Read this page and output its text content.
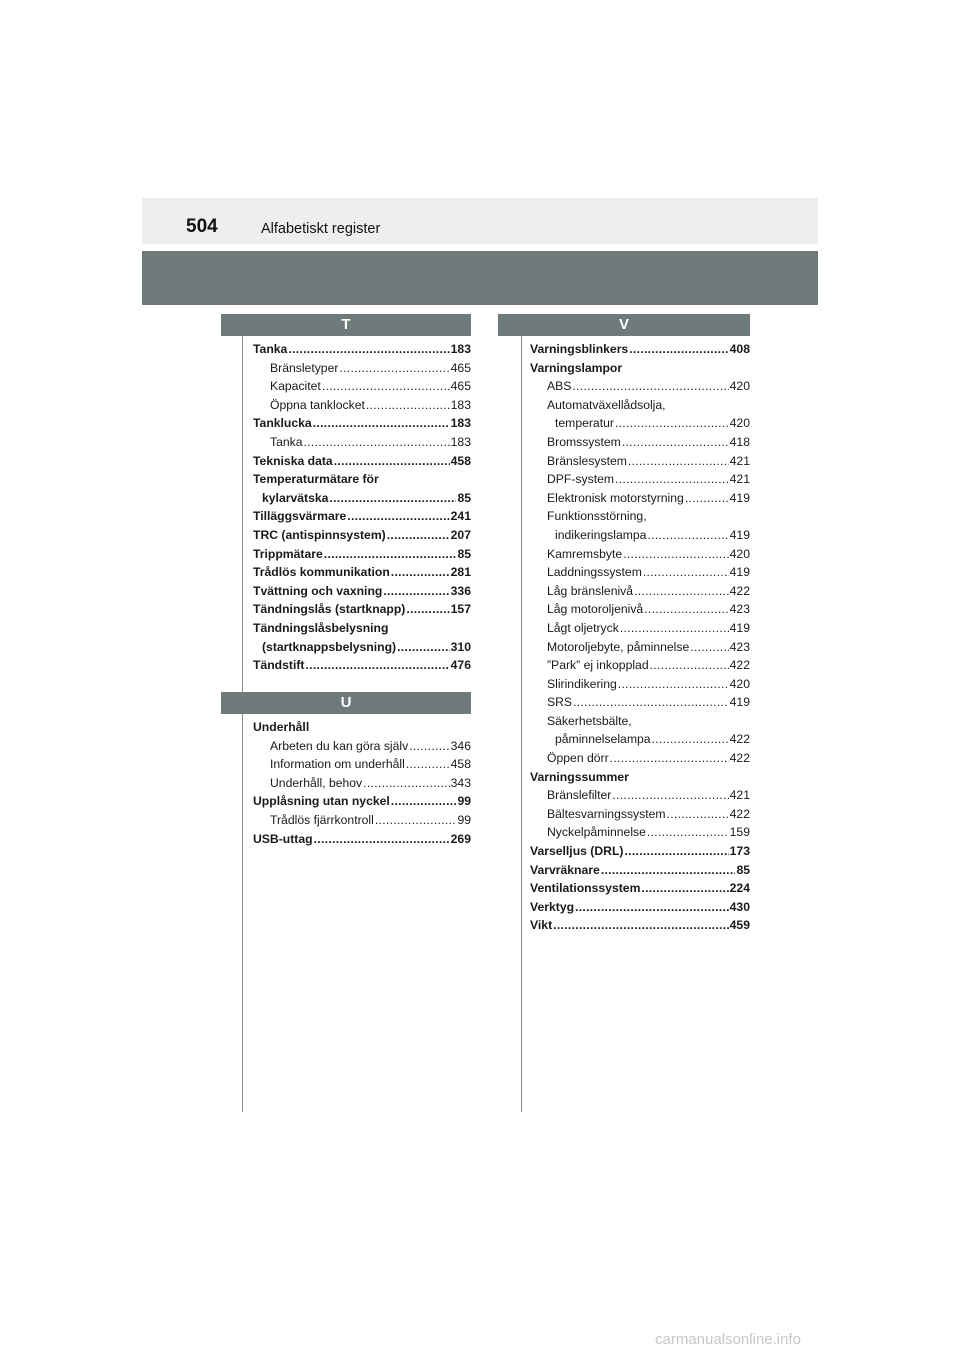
504	Alfabetiskt register
T
Tanka .....	183
Bränsletyper .....	465
Kapacitet .....	465
Öppna tanklocket .....	183
Tanklucka .....	183
Tanka .....	183
Tekniska data .....	458
Temperaturmätare för
kylarvätska .....	85
Tilläggsvärmare .....	241
TRC (antispinnsystem) .....	207
Trippmätare .....	85
Trådlös kommunikation .....	281
Tvättning och vaxning .....	336
Tändningslås (startknapp) .....	157
Tändningslåsbelysning
(startknappsbelysning) .....	310
Tändstift .....	476
U
Underhåll
Arbeten du kan göra själv .....	346
Information om underhåll .....	458
Underhåll, behov .....	343
Upplåsning utan nyckel .....	99
Trådlös fjärrkontroll .....	99
USB-uttag .....	269
V
Varningsblinkers .....	408
Varningslampor
ABS .....	420
Automatväxellådsolja,
temperatur .....	420
Bromssystem .....	418
Bränslesystem .....	421
DPF-system .....	421
Elektronisk motorstyrning .....	419
Funktionsstörning,
indikeringslampa .....	419
Kamremsbyte .....	420
Laddningssystem .....	419
Låg bränslenivå .....	422
Låg motoroljenivå .....	423
Lågt oljetryck .....	419
Motoroljebyte, påminnelse .....	423
”Park” ej inkopplad .....	422
Slirindikering .....	420
SRS .....	419
Säkerhetsbälte,
påminnelselampa .....	422
Öppen dörr .....	422
Varningssummer
Bränslefilter .....	421
Bältesvarningssystem .....	422
Nyckelpåminnelse .....	159
Varselljus (DRL) .....	173
Varvräknare .....	85
Ventilationssystem .....	224
Verktyg .....	430
Vikt .....	459
carmanualsonline.info
